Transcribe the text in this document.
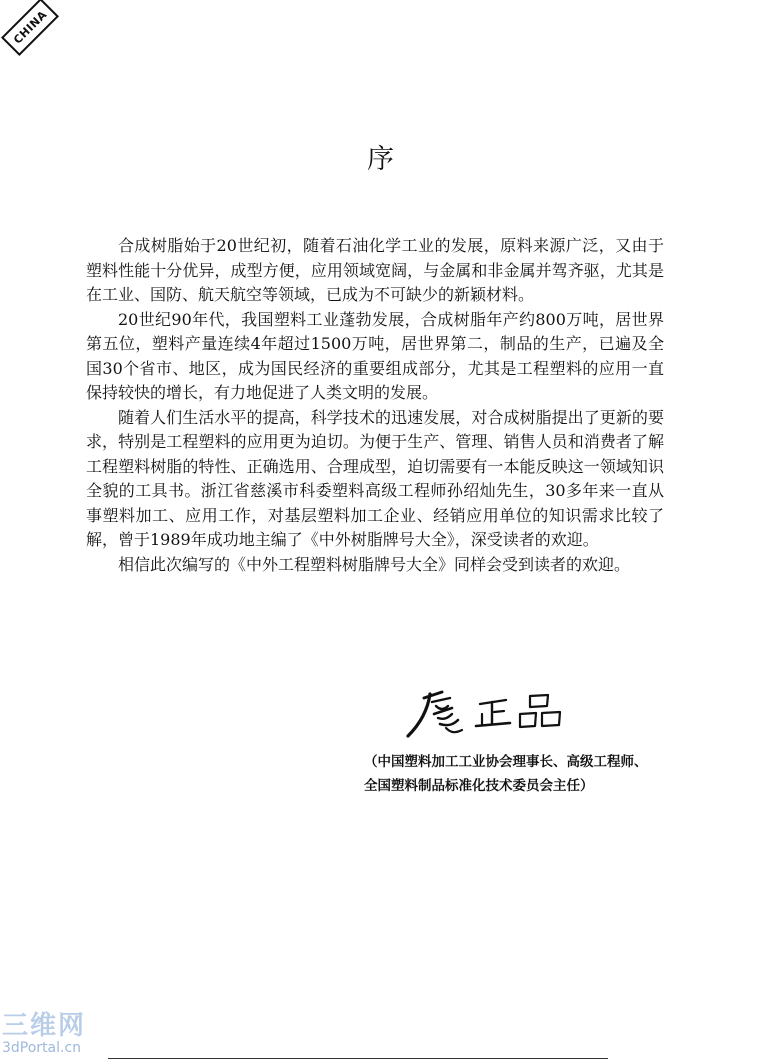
CHINA
序

合成树脂始于20世纪初，随着石油化学工业的发展，原料来源广泛，又由于塑料性能十分优异，成型方便，应用领域宽阔，与金属和非金属并驾齐驱，尤其是在工业、国防、航天航空等领域，已成为不可缺少的新颖材料。

20世纪90年代，我国塑料工业蓬勃发展，合成树脂年产约800万吨，居世界第五位，塑料产量连续4年超过1500万吨，居世界第二，制品的生产，已遍及全国30个省市、地区，成为国民经济的重要组成部分，尤其是工程塑料的应用一直保持较快的增长，有力地促进了人类文明的发展。

随着人们生活水平的提高，科学技术的迅速发展，对合成树脂提出了更新的要求，特别是工程塑料的应用更为迫切。为便于生产、管理、销售人员和消费者了解工程塑料树脂的特性、正确选用、合理成型，迫切需要有一本能反映这一领域知识全貌的工具书。浙江省慈溪市科委塑料高级工程师孙绍灿先生，30多年来一直从事塑料加工、应用工作，对基层塑料加工企业、经销应用单位的知识需求比较了解，曾于1989年成功地主编了《中外树脂牌号大全》，深受读者的欢迎。

相信此次编写的《中外工程塑料树脂牌号大全》同样会受到读者的欢迎。

（中国塑料加工工业协会理事长、高级工程师、
全国塑料制品标准化技术委员会主任）
三维网
3dPortal.cn
